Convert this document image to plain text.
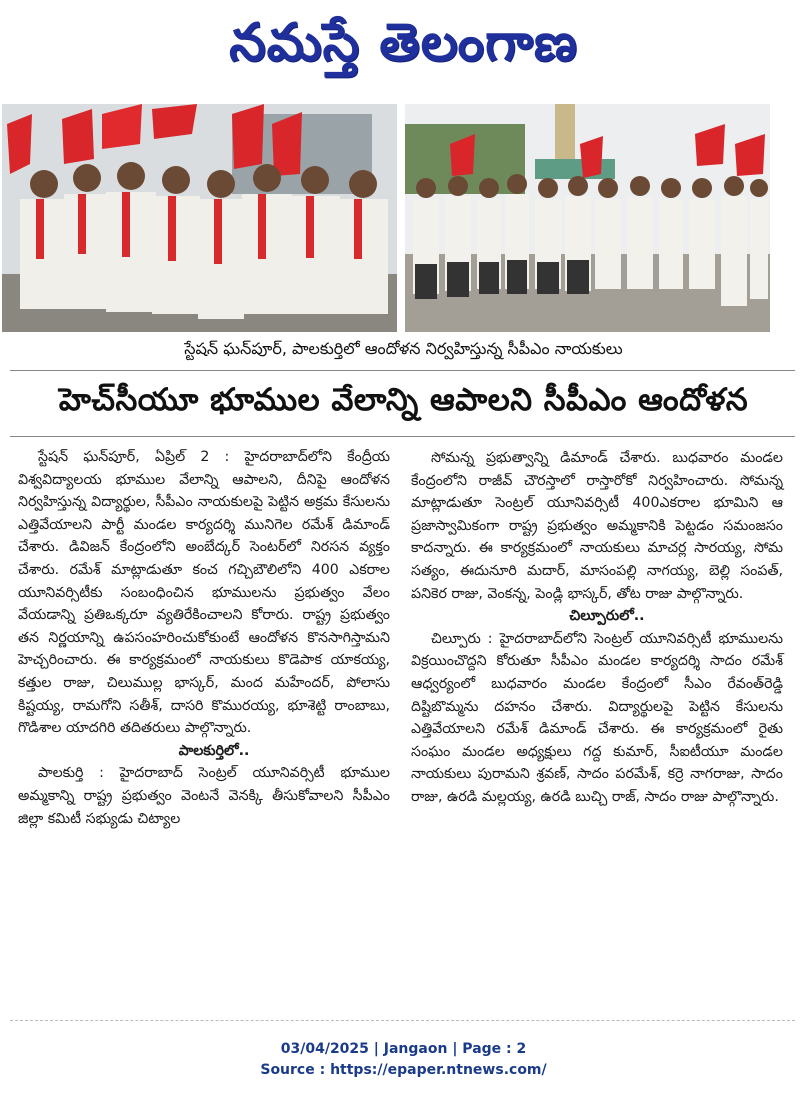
నమస్తే తెలంగాణ
స్టేషన్ ఘన్‌పూర్, పాలకుర్తిలో ఆందోళన నిర్వహిస్తున్న సీపీఎం నాయకులు
హెచ్‌సీయూ భూముల వేలాన్ని ఆపాలని సీపీఎం ఆందోళన

స్టేషన్ ఘన్‌పూర్, ఏప్రిల్ 2 : హైదరాబాద్‌లోని కేంద్రీయ విశ్వవిద్యాలయ భూముల వేలాన్ని ఆపాలని, దీనిపై ఆందోళన నిర్వహిస్తున్న విద్యార్థుల, సీపీఎం నాయకులపై పెట్టిన అక్రమ కేసులను ఎత్తివేయాలని పార్టీ మండల కార్యదర్శి మునిగెల రమేశ్ డిమాండ్ చేశారు. డివిజన్ కేంద్రంలోని అంబేద్కర్ సెంటర్‌లో నిరసన వ్యక్తం చేశారు. రమేశ్ మాట్లాడుతూ కంచ గచ్చిబౌలిలోని 400 ఎకరాల యూనివర్సిటీకు సంబంధించిన భూములను ప్రభుత్వం వేలం వేయడాన్ని ప్రతిఒక్కరూ వ్యతిరేకించాలని కోరారు. రాష్ట్ర ప్రభుత్వం తన నిర్ణయాన్ని ఉపసంహరించుకోకుంటే ఆందోళన కొనసాగిస్తామని హెచ్చరించారు. ఈ కార్యక్రమంలో నాయకులు కొడెపాక యాకయ్య, కత్తుల రాజు, చిలుముల్ల భాస్కర్, మంద మహేందర్, పోలాసు కిష్టయ్య, రామగోని సతీశ్, దాసరి కొమురయ్య, భూశెట్టి రాంబాబు, గొడిశాల యాదగిరి తదితరులు పాల్గొన్నారు.

పాలకుర్తిలో..

పాలకుర్తి : హైదరాబాద్ సెంట్రల్ యూనివర్సిటీ భూముల అమ్మకాన్ని రాష్ట్ర ప్రభుత్వం వెంటనే వెనక్కి తీసుకోవాలని సీపీఎం జిల్లా కమిటీ సభ్యుడు చిట్యాల

సోమన్న ప్రభుత్వాన్ని డిమాండ్ చేశారు. బుధవారం మండల కేంద్రంలోని రాజీవ్ చౌరస్తాలో రాస్తారోకో నిర్వహించారు. సోమన్న మాట్లాడుతూ సెంట్రల్ యూనివర్సిటీ 400ఎకరాల భూమిని ఆ ప్రజాస్వామికంగా రాష్ట్ర ప్రభుత్వం అమ్మకానికి పెట్టడం సమంజసం కాదన్నారు. ఈ కార్యక్రమంలో నాయకులు మాచర్ల సారయ్య, సోమ సత్యం, ఈదునూరి మదార్, మాసంపల్లి నాగయ్య, బెల్లి సంపత్, పనికెర రాజు, వెంకన్న, పెండ్లి భాస్కర్, తోట రాజు పాల్గొన్నారు.

చిల్పూరులో..

చిల్పూరు : హైదరాబాద్‌లోని సెంట్రల్ యూనివర్సిటీ భూములను విక్రయించొద్దని కోరుతూ సీపీఎం మండల కార్యదర్శి సాదం రమేశ్ ఆధ్వర్యంలో బుధవారం మండల కేంద్రంలో సీఎం రేవంత్‌రెడ్డి దిష్టిబొమ్మను దహనం చేశారు. విద్యార్థులపై పెట్టిన కేసులను ఎత్తివేయాలని రమేశ్ డిమాండ్ చేశారు. ఈ కార్యక్రమంలో రైతు సంఘం మండల అధ్యక్షులు గద్ద కుమార్, సీఐటీయూ మండల నాయకులు పురామని శ్రవణ్, సాదం పరమేశ్, కర్రె నాగరాజు, సాదం రాజు, ఉరడి మల్లయ్య, ఉరడి బుచ్చి రాజ్, సాదం రాజు పాల్గొన్నారు.

03/04/2025 | Jangaon | Page : 2
Source : https://epaper.ntnews.com/
